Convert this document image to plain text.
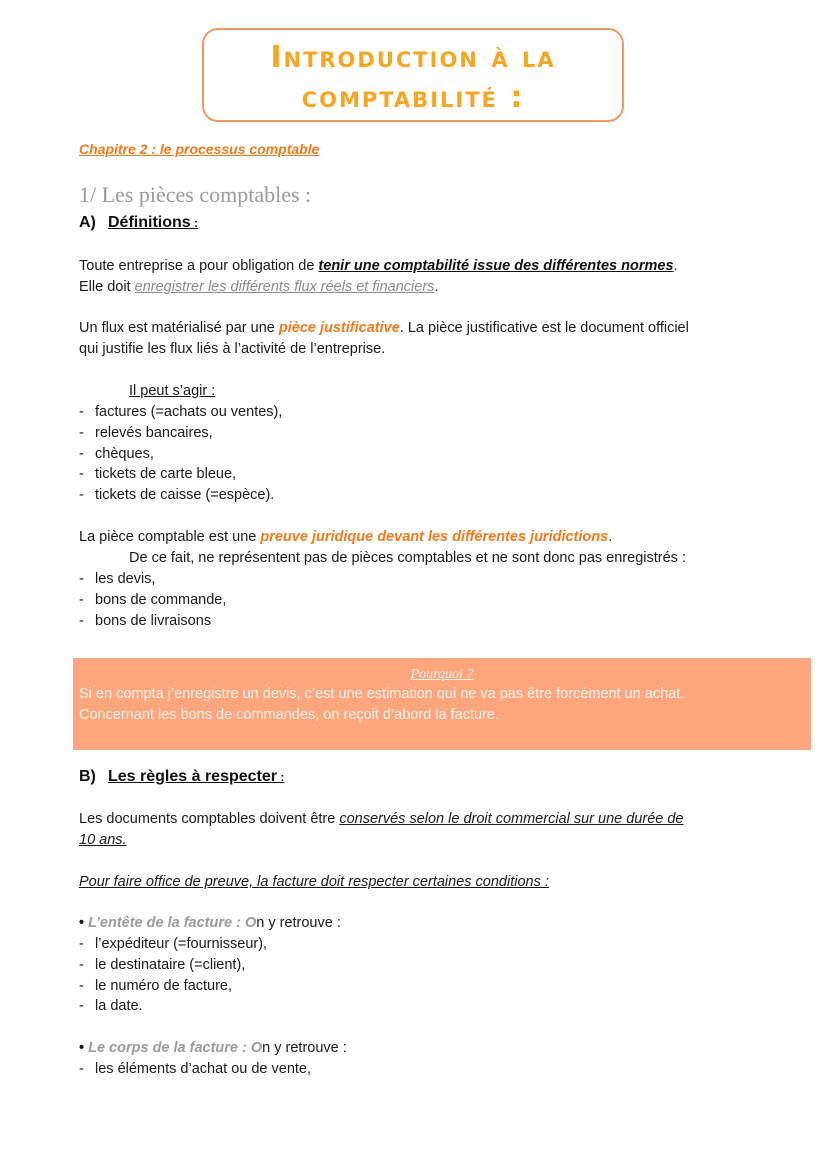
Introduction à la
comptabilité :
Chapitre 2 : le processus comptable
1/ Les pièces comptables :
A) Définitions :
Toute entreprise a pour obligation de tenir une comptabilité issue des différentes normes.
Elle doit enregistrer les différents flux réels et financiers.
Un flux est matérialisé par une pièce justificative. La pièce justificative est le document officiel
qui justifie les flux liés à l’activité de l’entreprise.
Il peut s’agir :
- factures (=achats ou ventes),
- relevés bancaires,
- chèques,
- tickets de carte bleue,
- tickets de caisse (=espèce).
La pièce comptable est une preuve juridique devant les différentes juridictions.
De ce fait, ne représentent pas de pièces comptables et ne sont donc pas enregistrés :
- les devis,
- bons de commande,
- bons de livraisons
Pourquoi ?
Si en compta j’enregistre un devis, c’est une estimation qui ne va pas être forcément un achat.
Concernant les bons de commandes, on reçoit d’abord la facture.
B) Les règles à respecter :
Les documents comptables doivent être conservés selon le droit commercial sur une durée de
10 ans.
Pour faire office de preuve, la facture doit respecter certaines conditions :
• L’entête de la facture : On y retrouve :
- l’expéditeur (=fournisseur),
- le destinataire (=client),
- le numéro de facture,
- la date.
• Le corps de la facture : On y retrouve :
- les éléments d’achat ou de vente,
